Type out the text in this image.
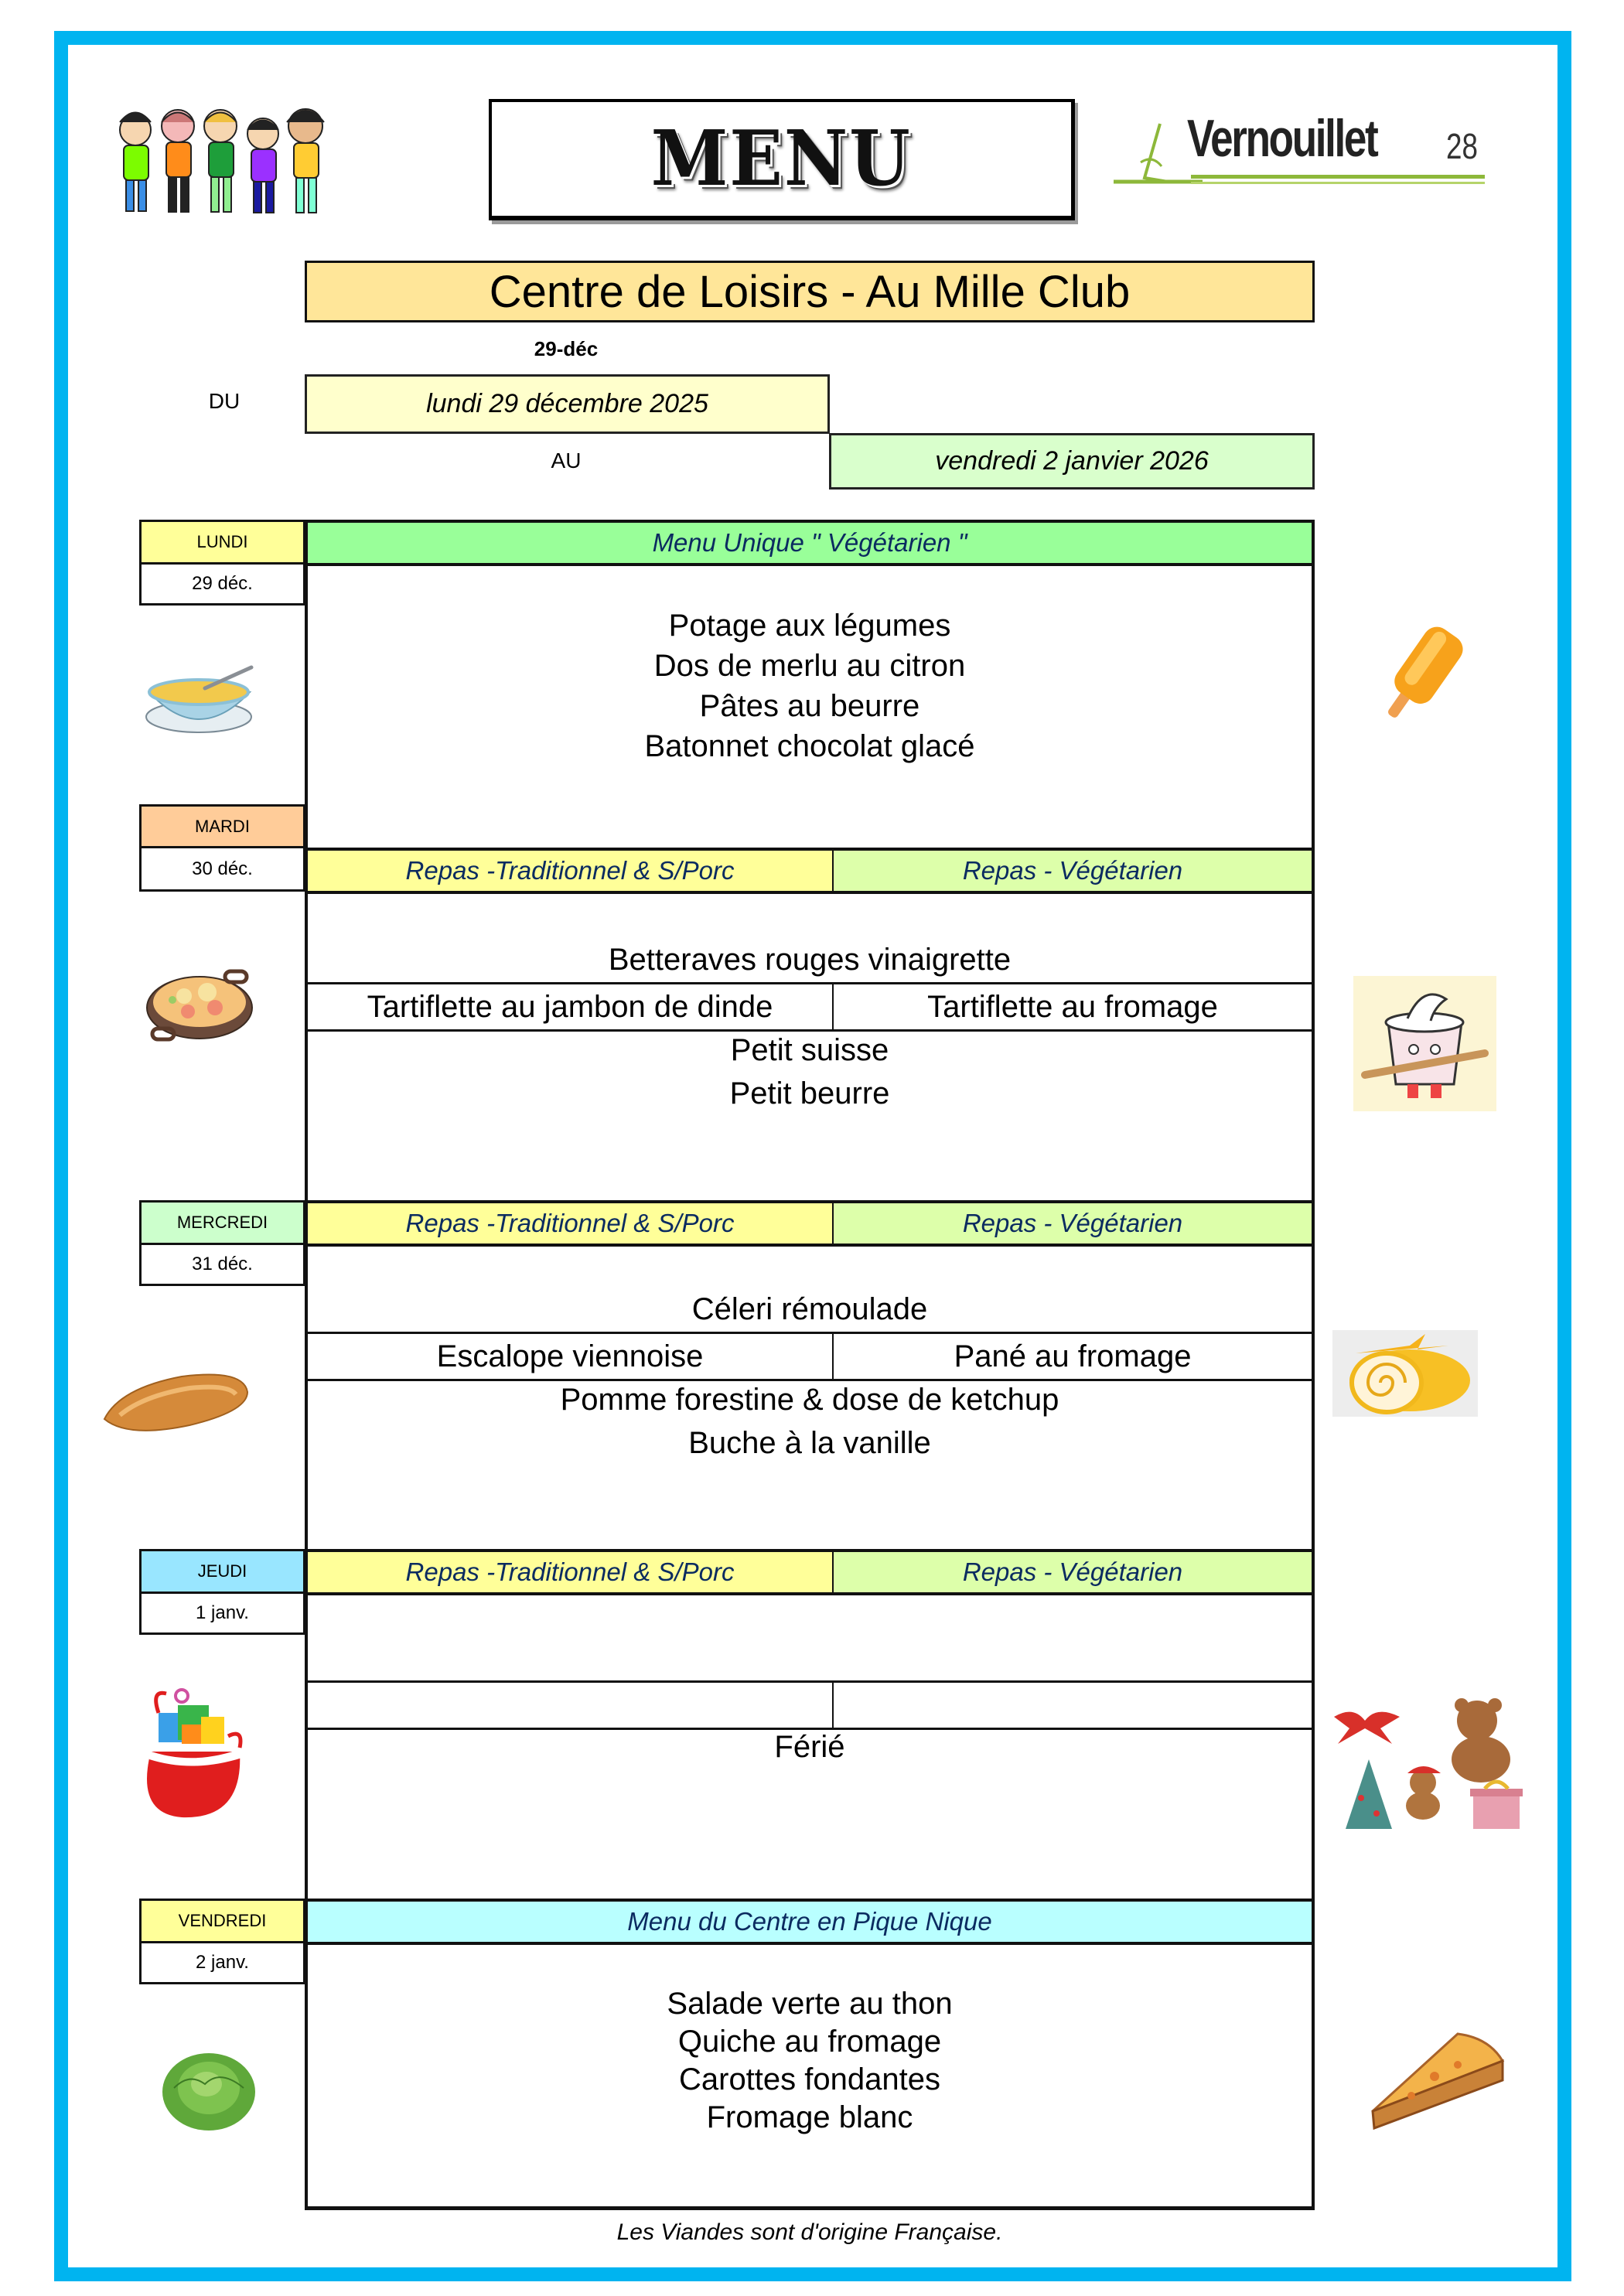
MENU	Vernouillet 28
Centre de Loisirs - Au Mille Club
29-déc
DU	lundi 29 décembre 2025
AU	vendredi 2 janvier 2026
LUNDI
29 déc.
Menu Unique " Végétarien "
Potage aux légumes
Dos de merlu au citron
Pâtes au beurre
Batonnet chocolat glacé
MARDI
30 déc.	Repas -Traditionnel & S/Porc	Repas - Végétarien
Betteraves rouges vinaigrette
Tartiflette au jambon de dinde	Tartiflette au fromage
Petit suisse
Petit beurre
MERCREDI
31 déc.
Repas -Traditionnel & S/Porc	Repas - Végétarien
Céleri rémoulade
Escalope viennoise	Pané au fromage
Pomme forestine & dose de ketchup
Buche à la vanille
JEUDI
1 janv.
Repas -Traditionnel & S/Porc	Repas - Végétarien
Férié
VENDREDI
2 janv.
Menu du Centre en Pique Nique
Salade verte au thon
Quiche au fromage
Carottes fondantes
Fromage blanc
Les Viandes sont d'origine Française.
